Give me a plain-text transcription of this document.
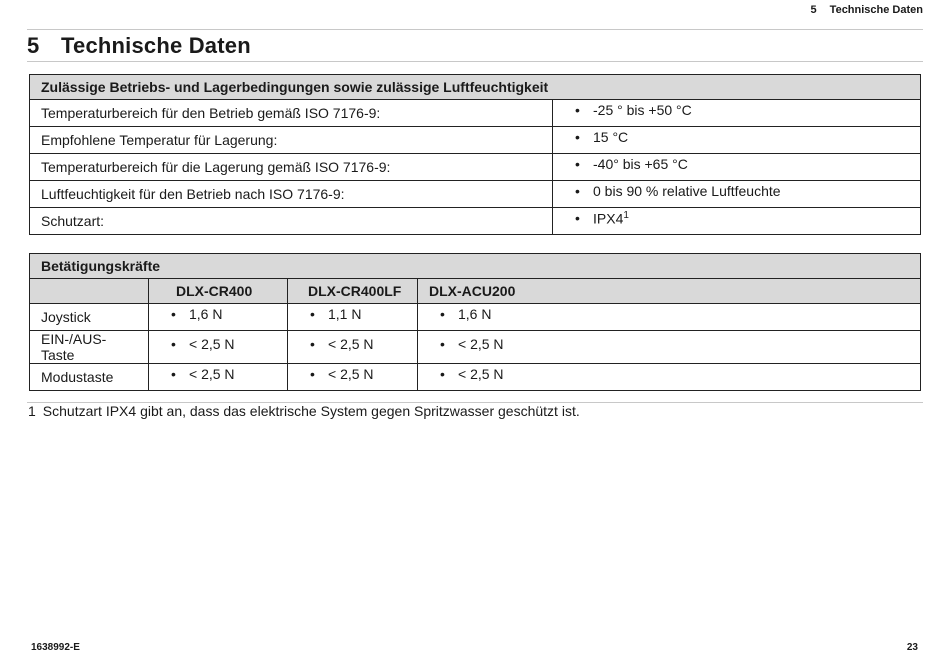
5 Technische Daten
5 Technische Daten
Zulässige Betriebs- und Lagerbedingungen sowie zulässige Luftfeuchtigkeit	
Temperaturbereich für den Betrieb gemäß ISO 7176-9:	• -25 ° bis +50 °C
Empfohlene Temperatur für Lagerung:	• 15 °C
Temperaturbereich für die Lagerung gemäß ISO 7176-9:	• -40° bis +65 °C
Luftfeuchtigkeit für den Betrieb nach ISO 7176-9:	• 0 bis 90 % relative Luftfeuchte
Schutzart:	• $IPX4^1$
Betätigungskräfte			
	DLX-CR400	DLX-CR400LF	DLX-ACU200
Joystick	• 1,6 N	• 1,1 N	• 1,6 N
EIN-/AUS-Taste	• < 2,5 N	• < 2,5 N	• < 2,5 N
Modustaste	• < 2,5 N	• < 2,5 N	• < 2,5 N
1 Schutzart IPX4 gibt an, dass das elektrische System gegen Spritzwasser geschützt ist.
1638992-E	23
